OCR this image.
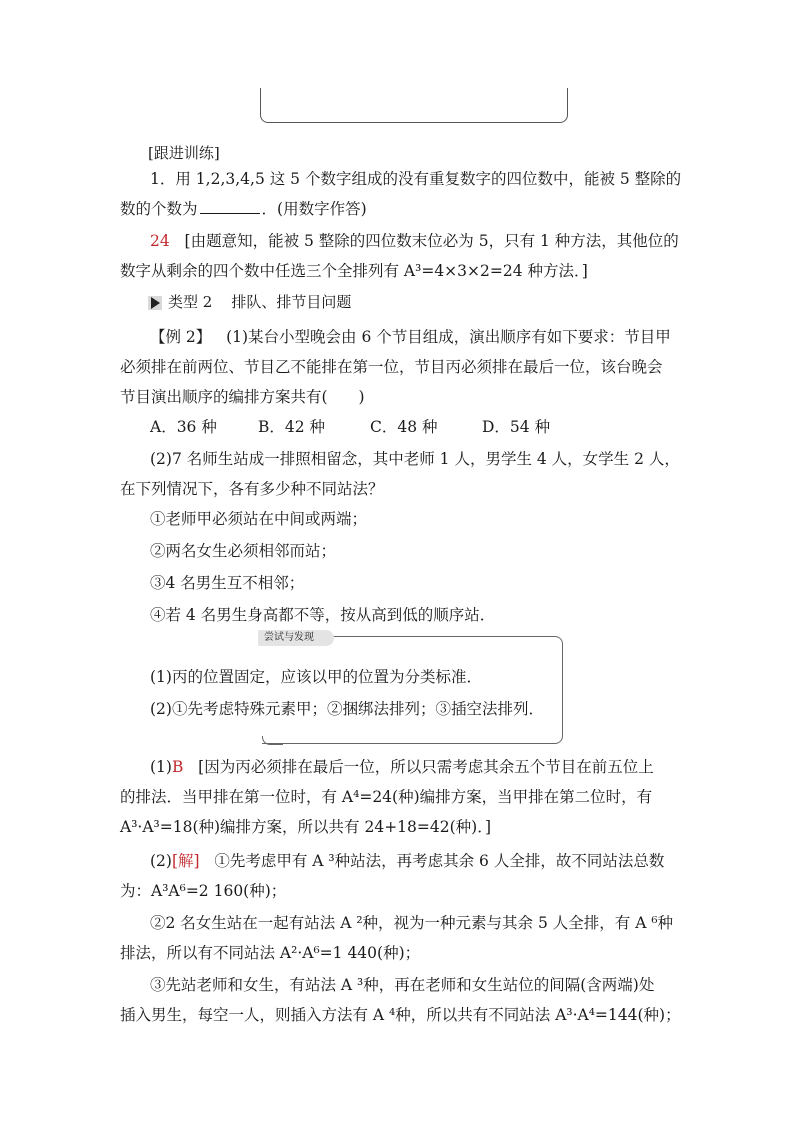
[跟进训练]
1．用 1,2,3,4,5 这 5 个数字组成的没有重复数字的四位数中，能被 5 整除的
数的个数为	．(用数字作答)
24 [由题意知，能被 5 整除的四位数末位必为 5，只有 1 种方法，其他位的
数字从剩余的四个数中任选三个全排列有 A³=4×3×2=24 种方法．]
类型 2 排队、排节目问题
【例 2】 (1)某台小型晚会由 6 个节目组成，演出顺序有如下要求：节目甲
必须排在前两位、节目乙不能排在第一位，节目丙必须排在最后一位，该台晚会
节目演出顺序的编排方案共有(　　)
A．36 种	B．42 种	C．48 种	D．54 种
(2)7 名师生站成一排照相留念，其中老师 1 人，男学生 4 人，女学生 2 人，
在下列情况下，各有多少种不同站法？
①老师甲必须站在中间或两端；
②两名女生必须相邻而站；
③4 名男生互不相邻；
④若 4 名男生身高都不等，按从高到低的顺序站．
尝试与发现
(1)丙的位置固定，应该以甲的位置为分类标准．
(2)①先考虑特殊元素甲；②捆绑法排列；③插空法排列．
(1)B [因为丙必须排在最后一位，所以只需考虑其余五个节目在前五位上
的排法．当甲排在第一位时，有 A⁴=24(种)编排方案，当甲排在第二位时，有
A³·A³=18(种)编排方案，所以共有 24+18=42(种)．]
(2)[解] ①先考虑甲有 A ³种站法，再考虑其余 6 人全排，故不同站法总数
为：A³A⁶=2 160(种)；
②2 名女生站在一起有站法 A ²种，视为一种元素与其余 5 人全排，有 A ⁶种
排法，所以有不同站法 A²·A⁶=1 440(种)；
③先站老师和女生，有站法 A ³种，再在老师和女生站位的间隔(含两端)处
插入男生，每空一人，则插入方法有 A ⁴种，所以共有不同站法 A³·A⁴=144(种)；
